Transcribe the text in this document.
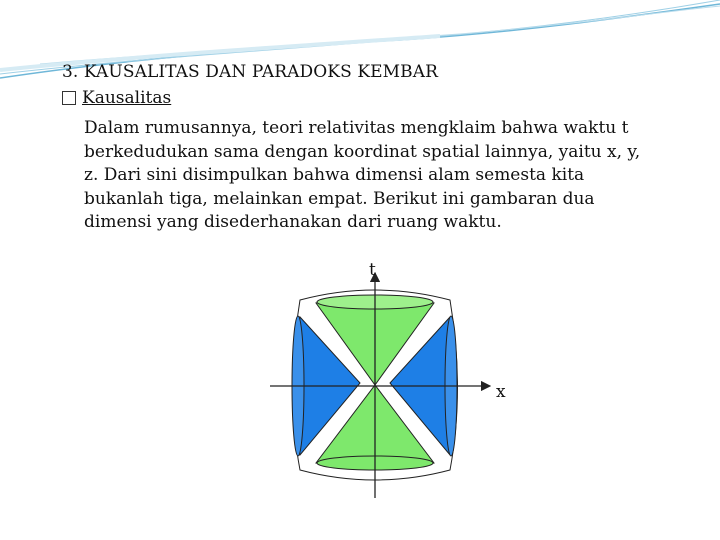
3. KAUSALITAS DAN PARADOKS KEMBAR
Kausalitas
Dalam rumusannya, teori relativitas mengklaim bahwa waktu t
berkedudukan sama dengan koordinat spatial lainnya, yaitu x, y,
z. Dari sini disimpulkan bahwa dimensi alam semesta kita
bukanlah tiga, melainkan empat. Berikut ini gambaran dua
dimensi yang disederhanakan dari ruang waktu.
t
x
